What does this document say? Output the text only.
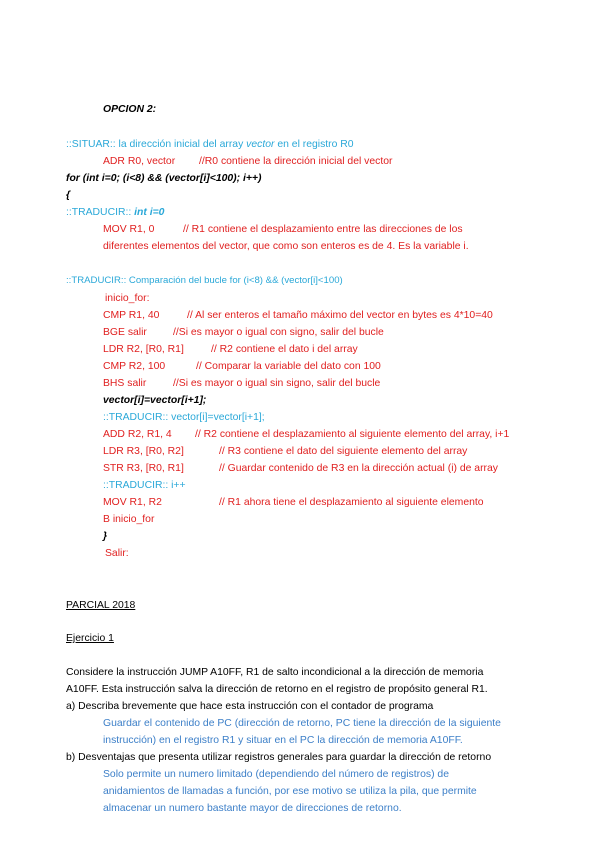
OPCION 2:
::SITUAR:: la dirección inicial del array vector en el registro R0
ADR R0, vector //R0 contiene la dirección inicial del vector
for (int i=0; (i<8) && (vector[i]<100); i++)
{
::TRADUCIR:: int i=0
MOV R1, 0	// R1 contiene el desplazamiento entre las direcciones de los
diferentes elementos del vector, que como son enteros es de 4. Es la variable i.
::TRADUCIR:: Comparación del bucle for (i<8) && (vector[i]<100)
inicio_for:
CMP R1, 40	// Al ser enteros el tamaño máximo del vector en bytes es 4*10=40
BGE salir	//Si es mayor o igual con signo, salir del bucle
LDR R2, [R0, R1]	// R2 contiene el dato i del array
CMP R2, 100	// Comparar la variable del dato con 100
BHS salir	//Si es mayor o igual sin signo, salir del bucle
vector[i]=vector[i+1];
::TRADUCIR:: vector[i]=vector[i+1];
ADD R2, R1, 4 // R2 contiene el desplazamiento al siguiente elemento del array, i+1
LDR R3, [R0, R2]	// R3 contiene el dato del siguiente elemento del array
STR R3, [R0, R1]	// Guardar contenido de R3 en la dirección actual (i) de array
::TRADUCIR:: i++
MOV R1, R2	// R1 ahora tiene el desplazamiento al siguiente elemento
B inicio_for
}
Salir:
PARCIAL 2018
Ejercicio 1
Considere la instrucción JUMP A10FF, R1 de salto incondicional a la dirección de memoria
A10FF. Esta instrucción salva la dirección de retorno en el registro de propósito general R1.
a) Describa brevemente que hace esta instrucción con el contador de programa
Guardar el contenido de PC (dirección de retorno, PC tiene la dirección de la siguiente
instrucción) en el registro R1 y situar en el PC la dirección de memoria A10FF.
b) Desventajas que presenta utilizar registros generales para guardar la dirección de retorno
Solo permite un numero limitado (dependiendo del número de registros) de
anidamientos de llamadas a función, por ese motivo se utiliza la pila, que permite
almacenar un numero bastante mayor de direcciones de retorno.
